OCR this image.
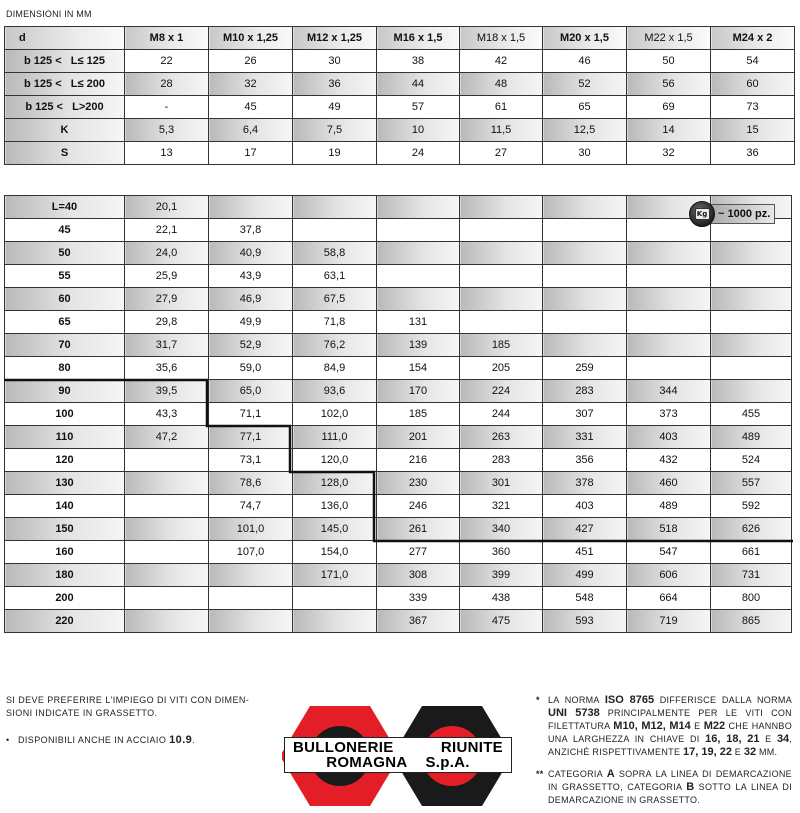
DIMENSIONI IN MM
d	M8 x 1	M10 x 1,25	M12 x 1,25	M16 x 1,5	M18 x 1,5	M20 x 1,5	M22 x 1,5	M24 x 2
b 125 <   L≤ 125	22	26	30	38	42	46	50	54
b 125 <   L≤ 200	28	32	36	44	48	52	56	60
b 125 <   L>200	-	45	49	57	61	65	69	73
K	5,3	6,4	7,5	10	11,5	12,5	14	15
S	13	17	19	24	27	30	32	36
L=40	20,1							
45	22,1	37,8						
50	24,0	40,9	58,8					
55	25,9	43,9	63,1					
60	27,9	46,9	67,5					
65	29,8	49,9	71,8	131				
70	31,7	52,9	76,2	139	185			
80	35,6	59,0	84,9	154	205	259		
90	39,5	65,0	93,6	170	224	283	344	
100	43,3	71,1	102,0	185	244	307	373	455
110	47,2	77,1	111,0	201	263	331	403	489
120		73,1	120,0	216	283	356	432	524
130		78,6	128,0	230	301	378	460	557
140		74,7	136,0	246	321	403	489	592
150		101,0	145,0	261	340	427	518	626
160		107,0	154,0	277	360	451	547	661
180			171,0	308	399	499	606	731
200				339	438	548	664	800
220				367	475	593	719	865
Kg ~ 1000 pz.
SI DEVE PREFERIRE L'IMPIEGO DI VITI CON DIMEN-SIONI INDICATE IN GRASSETTO.
• DISPONIBILI ANCHE IN ACCIAIO 10.9.	BULLONERIE	RIUNITE
ROMAGNA S.p.A.
* LA NORMA ISO 8765 DIFFERISCE DALLA NORMA UNI 5738 PRINCIPALMENTE PER LE VITI CON FILETTATURA M10, M12, M14 E M22 CHE HANNBO UNA LARGHEZZA IN CHIAVE DI 16, 18, 21 E 34, ANZICHÉ RISPETTIVAMENTE 17, 19, 22 E 32 MM.
** CATEGORIA A SOPRA LA LINEA DI DEMARCAZIONE IN GRASSETTO, CATEGORIA B SOTTO LA LINEA DI DEMARCAZIONE IN GRASSETTO.
